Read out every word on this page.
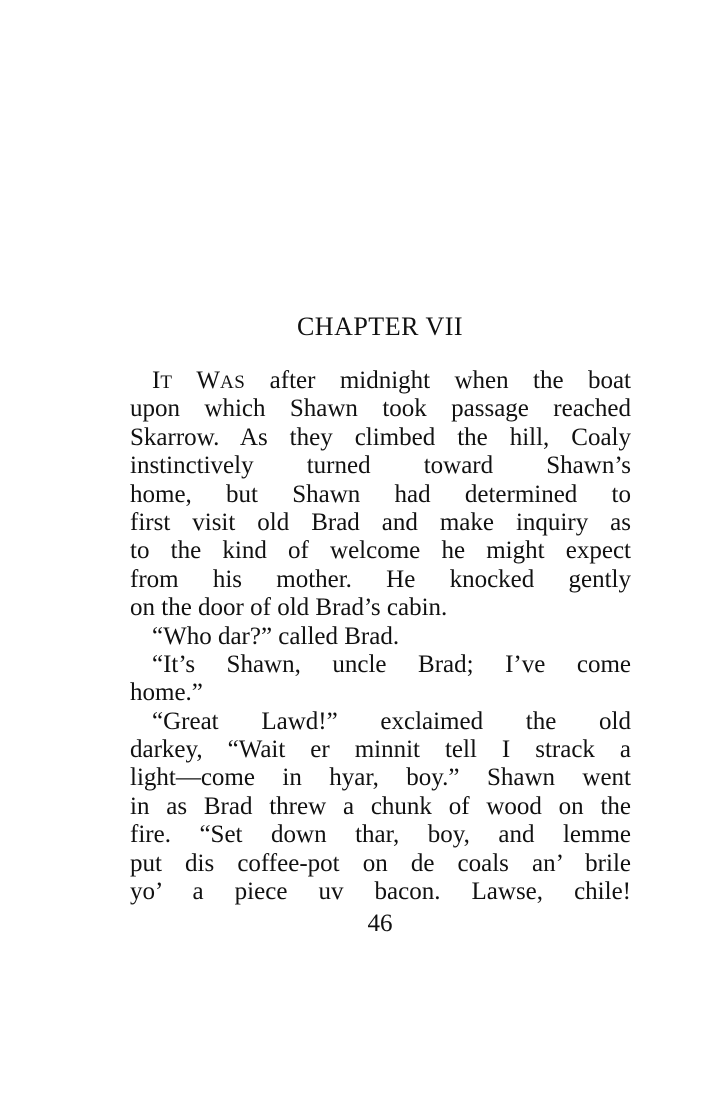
CHAPTER VII
IT WAS after midnight when the boat
upon which Shawn took passage reached
Skarrow. As they climbed the hill, Coaly
instinctively turned toward Shawn’s
home, but Shawn had determined to
first visit old Brad and make inquiry as
to the kind of welcome he might expect
from his mother. He knocked gently
on the door of old Brad’s cabin.
“Who dar?” called Brad.
“It’s Shawn, uncle Brad; I’ve come
home.”
“Great Lawd!” exclaimed the old
darkey, “Wait er minnit tell I strack a
light—come in hyar, boy.” Shawn went
in as Brad threw a chunk of wood on the
fire. “Set down thar, boy, and lemme
put dis coffee-pot on de coals an’ brile
yo’ a piece uv bacon. Lawse, chile!
46
